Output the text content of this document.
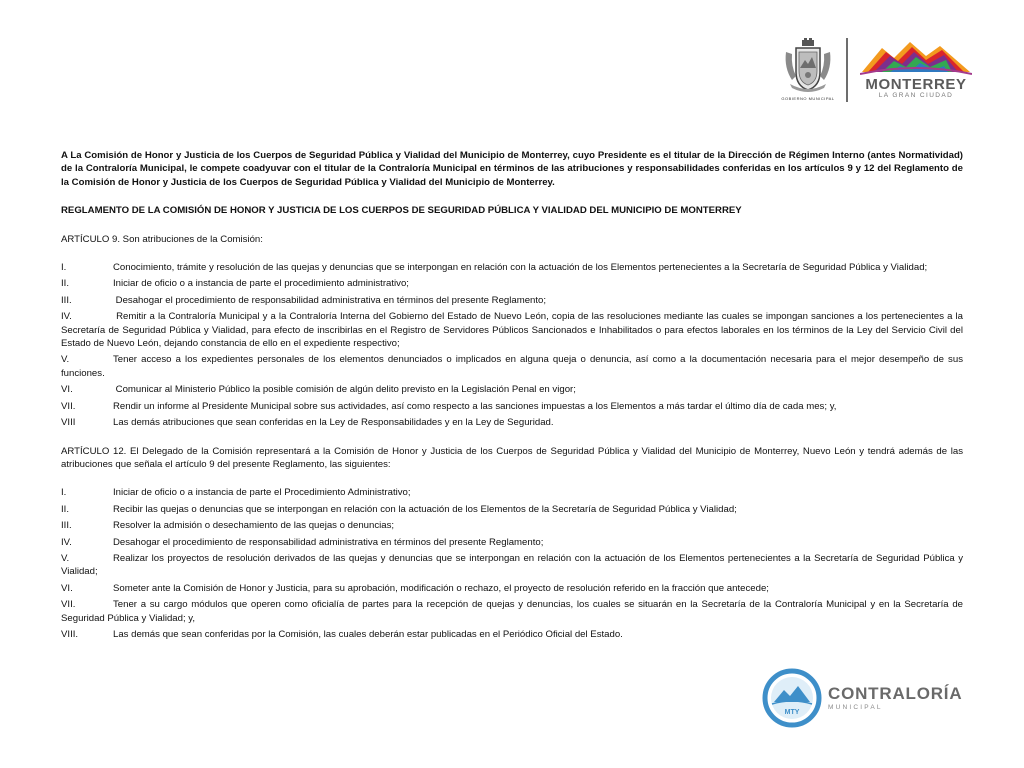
GOBIERNO MUNICIPAL
MONTERREY
LA GRAN CIUDAD

A La Comisión de Honor y Justicia de los Cuerpos de Seguridad Pública y Vialidad del Municipio de Monterrey, cuyo Presidente es el titular de la Dirección de Régimen Interno (antes Normatividad) de la Contraloría Municipal, le compete coadyuvar con el titular de la Contraloría Municipal en términos de las atribuciones y responsabilidades conferidas en los artículos 9 y 12 del Reglamento de la Comisión de Honor y Justicia de los Cuerpos de Seguridad Pública y Vialidad del Municipio de Monterrey.

REGLAMENTO DE LA COMISIÓN DE HONOR Y JUSTICIA DE LOS CUERPOS DE SEGURIDAD PÚBLICA Y VIALIDAD DEL MUNICIPIO DE MONTERREY

ARTÍCULO 9. Son atribuciones de la Comisión:

I.	Conocimiento, trámite y resolución de las quejas y denuncias que se interpongan en relación con la actuación de los Elementos pertenecientes a la Secretaría de Seguridad Pública y Vialidad;
II.	Iniciar de oficio o a instancia de parte el procedimiento administrativo;
III.	Desahogar el procedimiento de responsabilidad administrativa en términos del presente Reglamento;
IV.	Remitir a la Contraloría Municipal y a la Contraloría Interna del Gobierno del Estado de Nuevo León, copia de las resoluciones mediante las cuales se impongan sanciones a los pertenecientes a la Secretaría de Seguridad Pública y Vialidad, para efecto de inscribirlas en el Registro de Servidores Públicos Sancionados e Inhabilitados o para efectos laborales en los términos de la Ley del Servicio Civil del Estado de Nuevo León, dejando constancia de ello en el expediente respectivo;
V.	Tener acceso a los expedientes personales de los elementos denunciados o implicados en alguna queja o denuncia, así como a la documentación necesaria para el mejor desempeño de sus funciones.
VI.	Comunicar al Ministerio Público la posible comisión de algún delito previsto en la Legislación Penal en vigor;
VII.	Rendir un informe al Presidente Municipal sobre sus actividades, así como respecto a las sanciones impuestas a los Elementos a más tardar el último día de cada mes; y,
VIII	Las demás atribuciones que sean conferidas en la Ley de Responsabilidades y en la Ley de Seguridad.

ARTÍCULO 12. El Delegado de la Comisión representará a la Comisión de Honor y Justicia de los Cuerpos de Seguridad Pública y Vialidad del Municipio de Monterrey, Nuevo León y tendrá además de las atribuciones que señala el artículo 9 del presente Reglamento, las siguientes:

I.	Iniciar de oficio o a instancia de parte el Procedimiento Administrativo;
II.	Recibir las quejas o denuncias que se interpongan en relación con la actuación de los Elementos de la Secretaría de Seguridad Pública y Vialidad;
III.	Resolver la admisión o desechamiento de las quejas o denuncias;
IV.	Desahogar el procedimiento de responsabilidad administrativa en términos del presente Reglamento;
V.	Realizar los proyectos de resolución derivados de las quejas y denuncias que se interpongan en relación con la actuación de los Elementos pertenecientes a la Secretaría de Seguridad Pública y Vialidad;
VI.	Someter ante la Comisión de Honor y Justicia, para su aprobación, modificación o rechazo, el proyecto de resolución referido en la fracción que antecede;
VII.	Tener a su cargo módulos que operen como oficialía de partes para la recepción de quejas y denuncias, los cuales se situarán en la Secretaría de la Contraloría Municipal y en la Secretaría de Seguridad Pública y Vialidad; y,
VIII.	Las demás que sean conferidas por la Comisión, las cuales deberán estar publicadas en el Periódico Oficial del Estado.
MTY
CONTRALORÍA
MUNICIPAL
